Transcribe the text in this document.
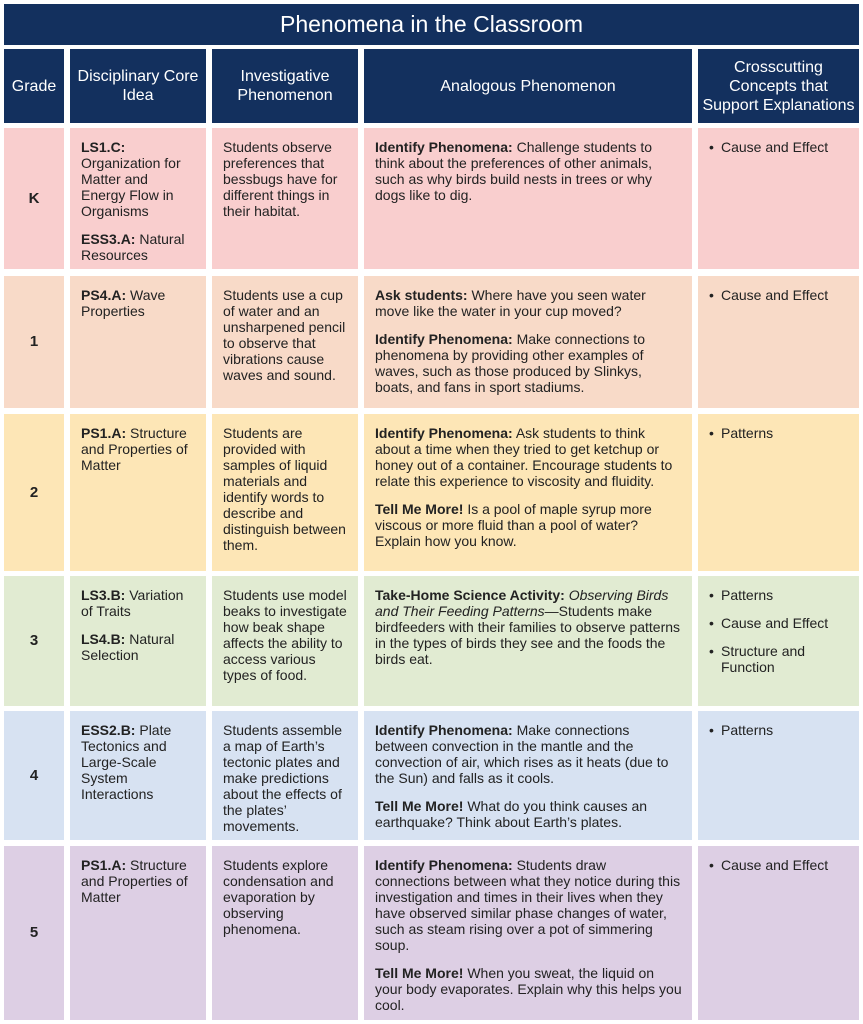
Phenomena in the Classroom
Grade
Disciplinary Core Idea
Investigative Phenomenon
Analogous Phenomenon
Crosscutting Concepts that Support Explanations
K

LS1.C: Organization for Matter and Energy Flow in Organisms

ESS3.A: Natural Resources

Students observe preferences that bessbugs have for different things in their habitat.

Identify Phenomena: Challenge students to think about the preferences of other animals, such as why birds build nests in trees or why dogs like to dig.

• Cause and Effect
1

PS4.A: Wave Properties

Students use a cup of water and an unsharpened pencil to observe that vibrations cause waves and sound.

Ask students: Where have you seen water move like the water in your cup moved?

Identify Phenomena: Make connections to phenomena by providing other examples of waves, such as those produced by Slinkys, boats, and fans in sport stadiums.

• Cause and Effect
2

PS1.A: Structure and Properties of Matter

Students are provided with samples of liquid materials and identify words to describe and distinguish between them.

Identify Phenomena: Ask students to think about a time when they tried to get ketchup or honey out of a container. Encourage students to relate this experience to viscosity and fluidity.

Tell Me More! Is a pool of maple syrup more viscous or more fluid than a pool of water? Explain how you know.

• Patterns
3

LS3.B: Variation of Traits

LS4.B: Natural Selection

Students use model beaks to investigate how beak shape affects the ability to access various types of food.

Take-Home Science Activity: Observing Birds and Their Feeding Patterns—Students make birdfeeders with their families to observe patterns in the types of birds they see and the foods the birds eat.

• Patterns
• Cause and Effect
• Structure and Function
4

ESS2.B: Plate Tectonics and Large-Scale System Interactions

Students assemble a map of Earth’s tectonic plates and make predictions about the effects of the plates’ movements.

Identify Phenomena: Make connections between convection in the mantle and the convection of air, which rises as it heats (due to the Sun) and falls as it cools.

Tell Me More! What do you think causes an earthquake? Think about Earth’s plates.

• Patterns
5

PS1.A: Structure and Properties of Matter

Students explore condensation and evaporation by observing phenomena.

Identify Phenomena: Students draw connections between what they notice during this investigation and times in their lives when they have observed similar phase changes of water, such as steam rising over a pot of simmering soup.

Tell Me More! When you sweat, the liquid on your body evaporates. Explain why this helps you cool.

• Cause and Effect
